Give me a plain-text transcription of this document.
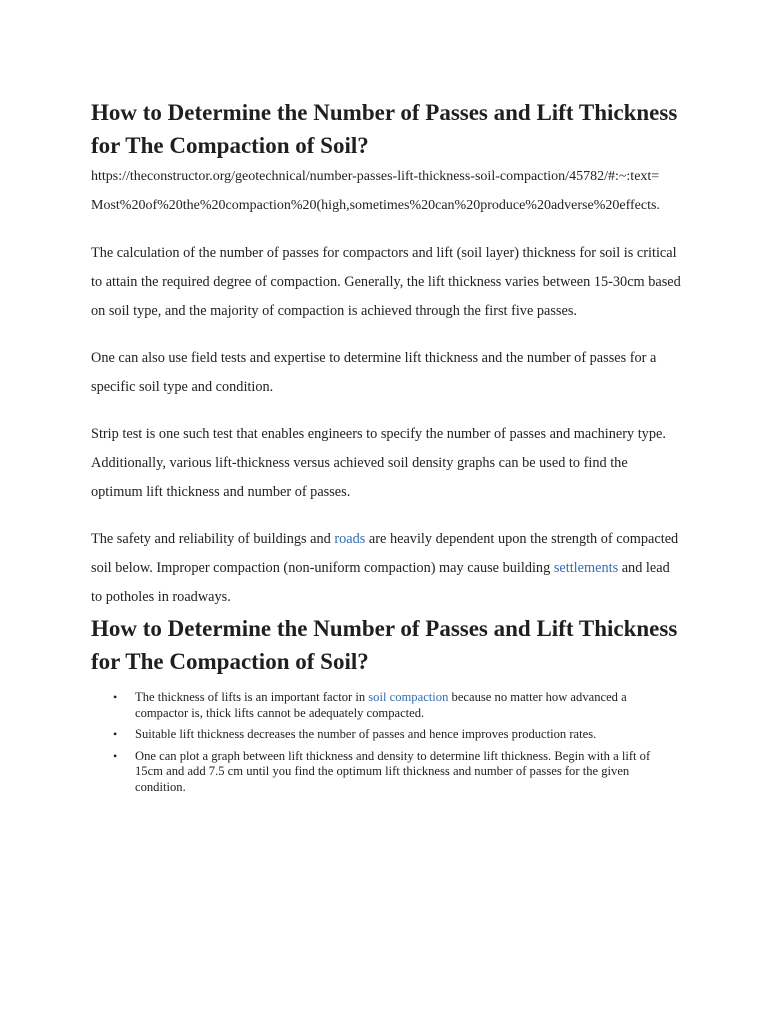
How to Determine the Number of Passes and Lift Thickness for The Compaction of Soil?
https://theconstructor.org/geotechnical/number-passes-lift-thickness-soil-compaction/45782/#:~:text=Most%20of%20the%20compaction%20(high,sometimes%20can%20produce%20adverse%20effects.

The calculation of the number of passes for compactors and lift (soil layer) thickness for soil is critical to attain the required degree of compaction. Generally, the lift thickness varies between 15-30cm based on soil type, and the majority of compaction is achieved through the first five passes.

One can also use field tests and expertise to determine lift thickness and the number of passes for a specific soil type and condition.

Strip test is one such test that enables engineers to specify the number of passes and machinery type. Additionally, various lift-thickness versus achieved soil density graphs can be used to find the optimum lift thickness and number of passes.

The safety and reliability of buildings and roads are heavily dependent upon the strength of compacted soil below. Improper compaction (non-uniform compaction) may cause building settlements and lead to potholes in roadways.

How to Determine the Number of Passes and Lift Thickness for The Compaction of Soil?
• The thickness of lifts is an important factor in soil compaction because no matter how advanced a compactor is, thick lifts cannot be adequately compacted.
• Suitable lift thickness decreases the number of passes and hence improves production rates.
• One can plot a graph between lift thickness and density to determine lift thickness. Begin with a lift of 15cm and add 7.5 cm until you find the optimum lift thickness and number of passes for the given condition.
